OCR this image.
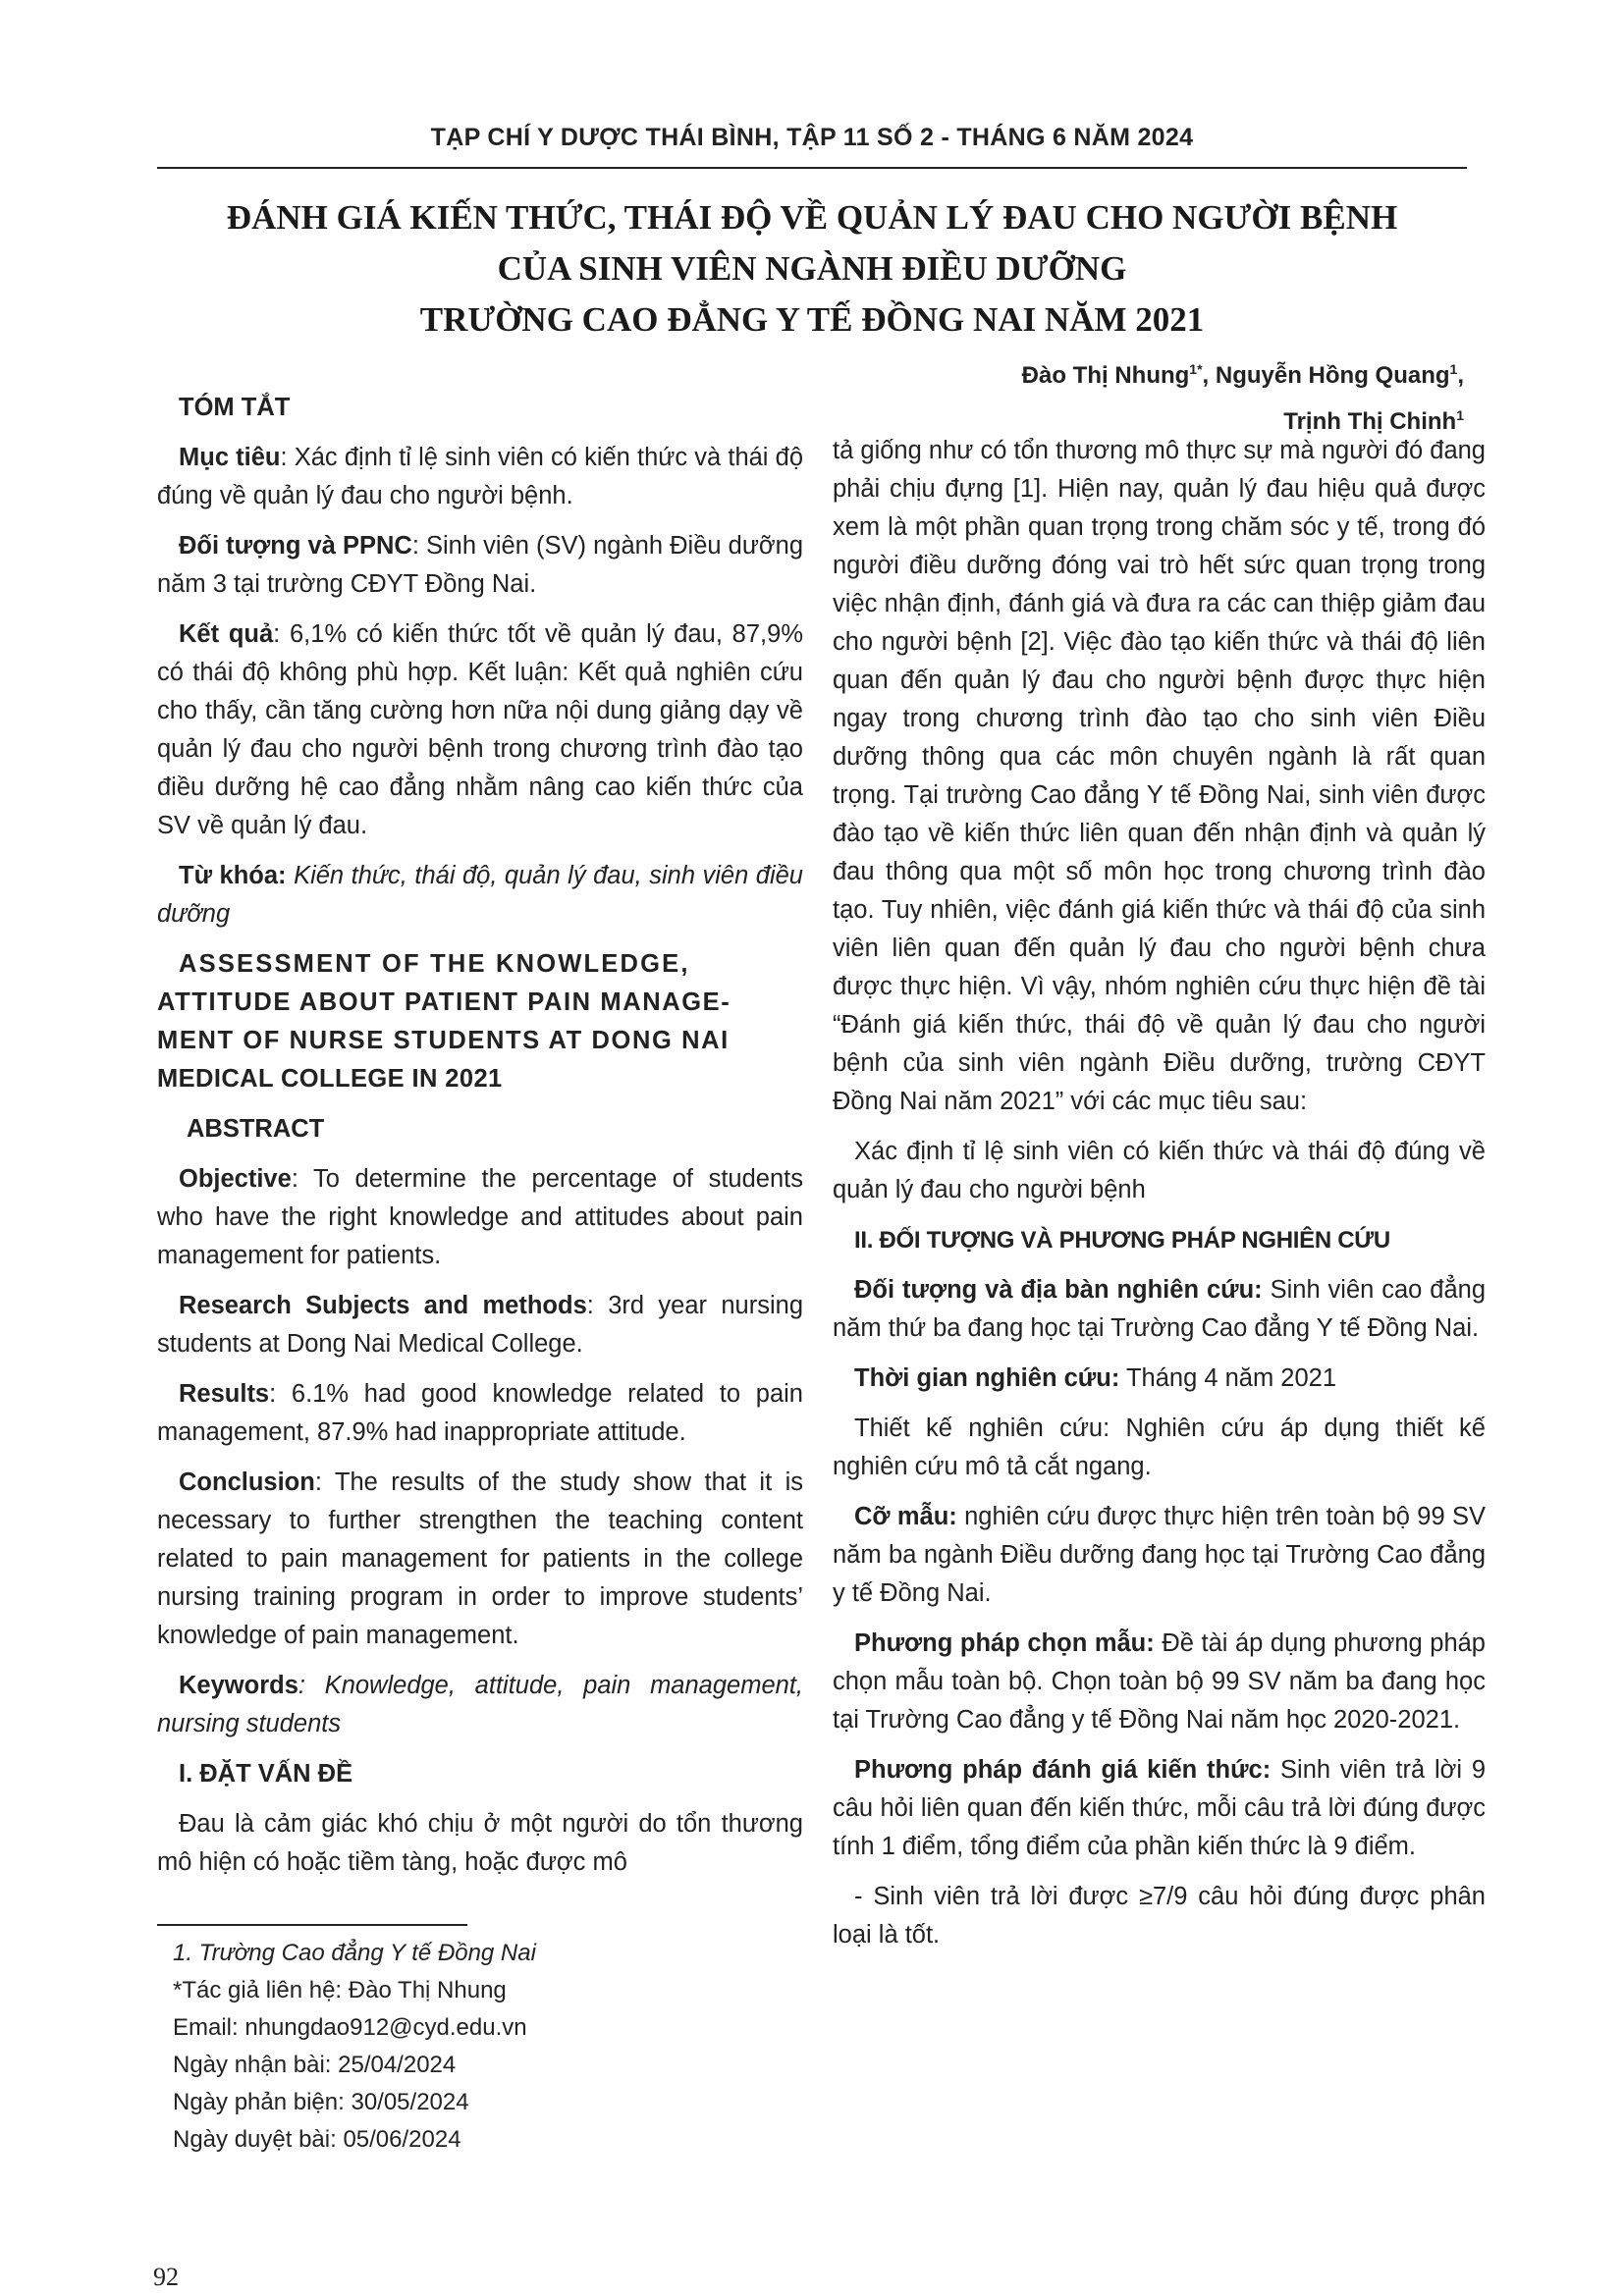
TẠP CHÍ Y DƯỢC THÁI BÌNH, TẬP 11 SỐ 2 - THÁNG 6 NĂM 2024
ĐÁNH GIÁ KIẾN THỨC, THÁI ĐỘ VỀ QUẢN LÝ ĐAU CHO NGƯỜI BỆNH
CỦA SINH VIÊN NGÀNH ĐIỀU DƯỠNG
TRƯỜNG CAO ĐẲNG Y TẾ ĐỒNG NAI NĂM 2021
Đào Thị Nhung$^{1*}$, Nguyễn Hồng Quang$^1$,
Trịnh Thị Chinh$^1$
TÓM TẮT

Mục tiêu: Xác định tỉ lệ sinh viên có kiến thức và thái độ đúng về quản lý đau cho người bệnh.

Đối tượng và PPNC: Sinh viên (SV) ngành Điều dưỡng năm 3 tại trường CĐYT Đồng Nai.

Kết quả: 6,1% có kiến thức tốt về quản lý đau, 87,9% có thái độ không phù hợp. Kết luận: Kết quả nghiên cứu cho thấy, cần tăng cường hơn nữa nội dung giảng dạy về quản lý đau cho người bệnh trong chương trình đào tạo điều dưỡng hệ cao đẳng nhằm nâng cao kiến thức của SV về quản lý đau.

Từ khóa: Kiến thức, thái độ, quản lý đau, sinh viên điều dưỡng

ASSESSMENT OF THE KNOWLEDGE,
ATTITUDE ABOUT PATIENT PAIN MANAGE-
MENT OF NURSE STUDENTS AT DONG NAI
MEDICAL COLLEGE IN 2021
ABSTRACT

Objective: To determine the percentage of students who have the right knowledge and attitudes about pain management for patients.

Research Subjects and methods: 3rd year nursing students at Dong Nai Medical College.

Results: 6.1% had good knowledge related to pain management, 87.9% had inappropriate attitude.

Conclusion: The results of the study show that it is necessary to further strengthen the teaching content related to pain management for patients in the college nursing training program in order to improve students’ knowledge of pain management.

Keywords: Knowledge, attitude, pain management, nursing students

I. ĐẶT VẤN ĐỀ

Đau là cảm giác khó chịu ở một người do tổn thương mô hiện có hoặc tiềm tàng, hoặc được mô

tả giống như có tổn thương mô thực sự mà người đó đang phải chịu đựng [1]. Hiện nay, quản lý đau hiệu quả được xem là một phần quan trọng trong chăm sóc y tế, trong đó người điều dưỡng đóng vai trò hết sức quan trọng trong việc nhận định, đánh giá và đưa ra các can thiệp giảm đau cho người bệnh [2]. Việc đào tạo kiến thức và thái độ liên quan đến quản lý đau cho người bệnh được thực hiện ngay trong chương trình đào tạo cho sinh viên Điều dưỡng thông qua các môn chuyên ngành là rất quan trọng. Tại trường Cao đẳng Y tế Đồng Nai, sinh viên được đào tạo về kiến thức liên quan đến nhận định và quản lý đau thông qua một số môn học trong chương trình đào tạo. Tuy nhiên, việc đánh giá kiến thức và thái độ của sinh viên liên quan đến quản lý đau cho người bệnh chưa được thực hiện. Vì vậy, nhóm nghiên cứu thực hiện đề tài “Đánh giá kiến thức, thái độ về quản lý đau cho người bệnh của sinh viên ngành Điều dưỡng, trường CĐYT Đồng Nai năm 2021” với các mục tiêu sau:

Xác định tỉ lệ sinh viên có kiến thức và thái độ đúng về quản lý đau cho người bệnh

II. ĐỐI TƯỢNG VÀ PHƯƠNG PHÁP NGHIÊN CỨU

Đối tượng và địa bàn nghiên cứu: Sinh viên cao đẳng năm thứ ba đang học tại Trường Cao đẳng Y tế Đồng Nai.

Thời gian nghiên cứu: Tháng 4 năm 2021

Thiết kế nghiên cứu: Nghiên cứu áp dụng thiết kế nghiên cứu mô tả cắt ngang.

Cỡ mẫu: nghiên cứu được thực hiện trên toàn bộ 99 SV năm ba ngành Điều dưỡng đang học tại Trường Cao đẳng y tế Đồng Nai.

Phương pháp chọn mẫu: Đề tài áp dụng phương pháp chọn mẫu toàn bộ. Chọn toàn bộ 99 SV năm ba đang học tại Trường Cao đẳng y tế Đồng Nai năm học 2020-2021.

Phương pháp đánh giá kiến thức: Sinh viên trả lời 9 câu hỏi liên quan đến kiến thức, mỗi câu trả lời đúng được tính 1 điểm, tổng điểm của phần kiến thức là 9 điểm.

- Sinh viên trả lời được ≥7/9 câu hỏi đúng được phân loại là tốt.

1. Trường Cao đẳng Y tế Đồng Nai
*Tác giả liên hệ: Đào Thị Nhung
Email: nhungdao912@cyd.edu.vn
Ngày nhận bài: 25/04/2024
Ngày phản biện: 30/05/2024
Ngày duyệt bài: 05/06/2024
92
